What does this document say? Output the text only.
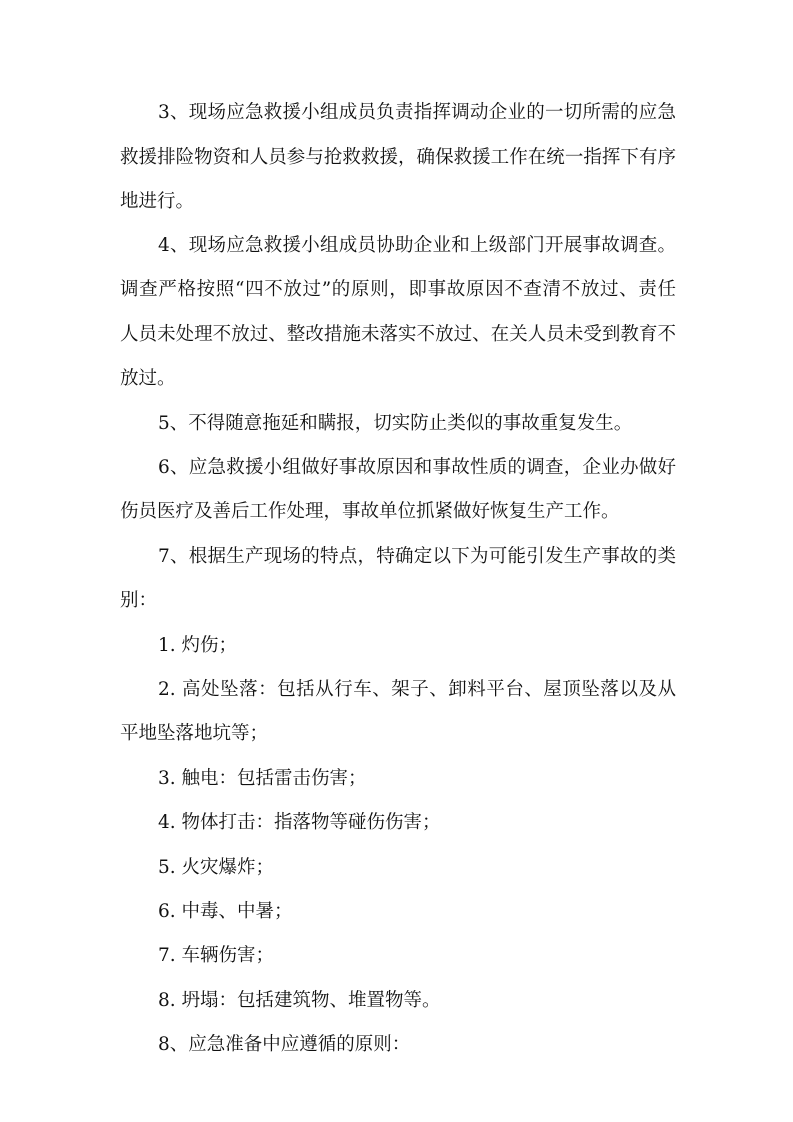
3、现场应急救援小组成员负责指挥调动企业的一切所需的应急
救援排险物资和人员参与抢救救援，确保救援工作在统一指挥下有序
地进行。
4、现场应急救援小组成员协助企业和上级部门开展事故调查。
调查严格按照“四不放过”的原则，即事故原因不查清不放过、责任
人员未处理不放过、整改措施未落实不放过、在关人员未受到教育不
放过。
5、不得随意拖延和瞒报，切实防止类似的事故重复发生。
6、应急救援小组做好事故原因和事故性质的调查，企业办做好
伤员医疗及善后工作处理，事故单位抓紧做好恢复生产工作。
7、根据生产现场的特点，特确定以下为可能引发生产事故的类
别：
1. 灼伤；
2. 高处坠落：包括从行车、架子、卸料平台、屋顶坠落以及从
平地坠落地坑等；
3. 触电：包括雷击伤害；
4. 物体打击：指落物等碰伤伤害；
5. 火灾爆炸；
6. 中毒、中暑；
7. 车辆伤害；
8. 坍塌：包括建筑物、堆置物等。
8、应急准备中应遵循的原则：
